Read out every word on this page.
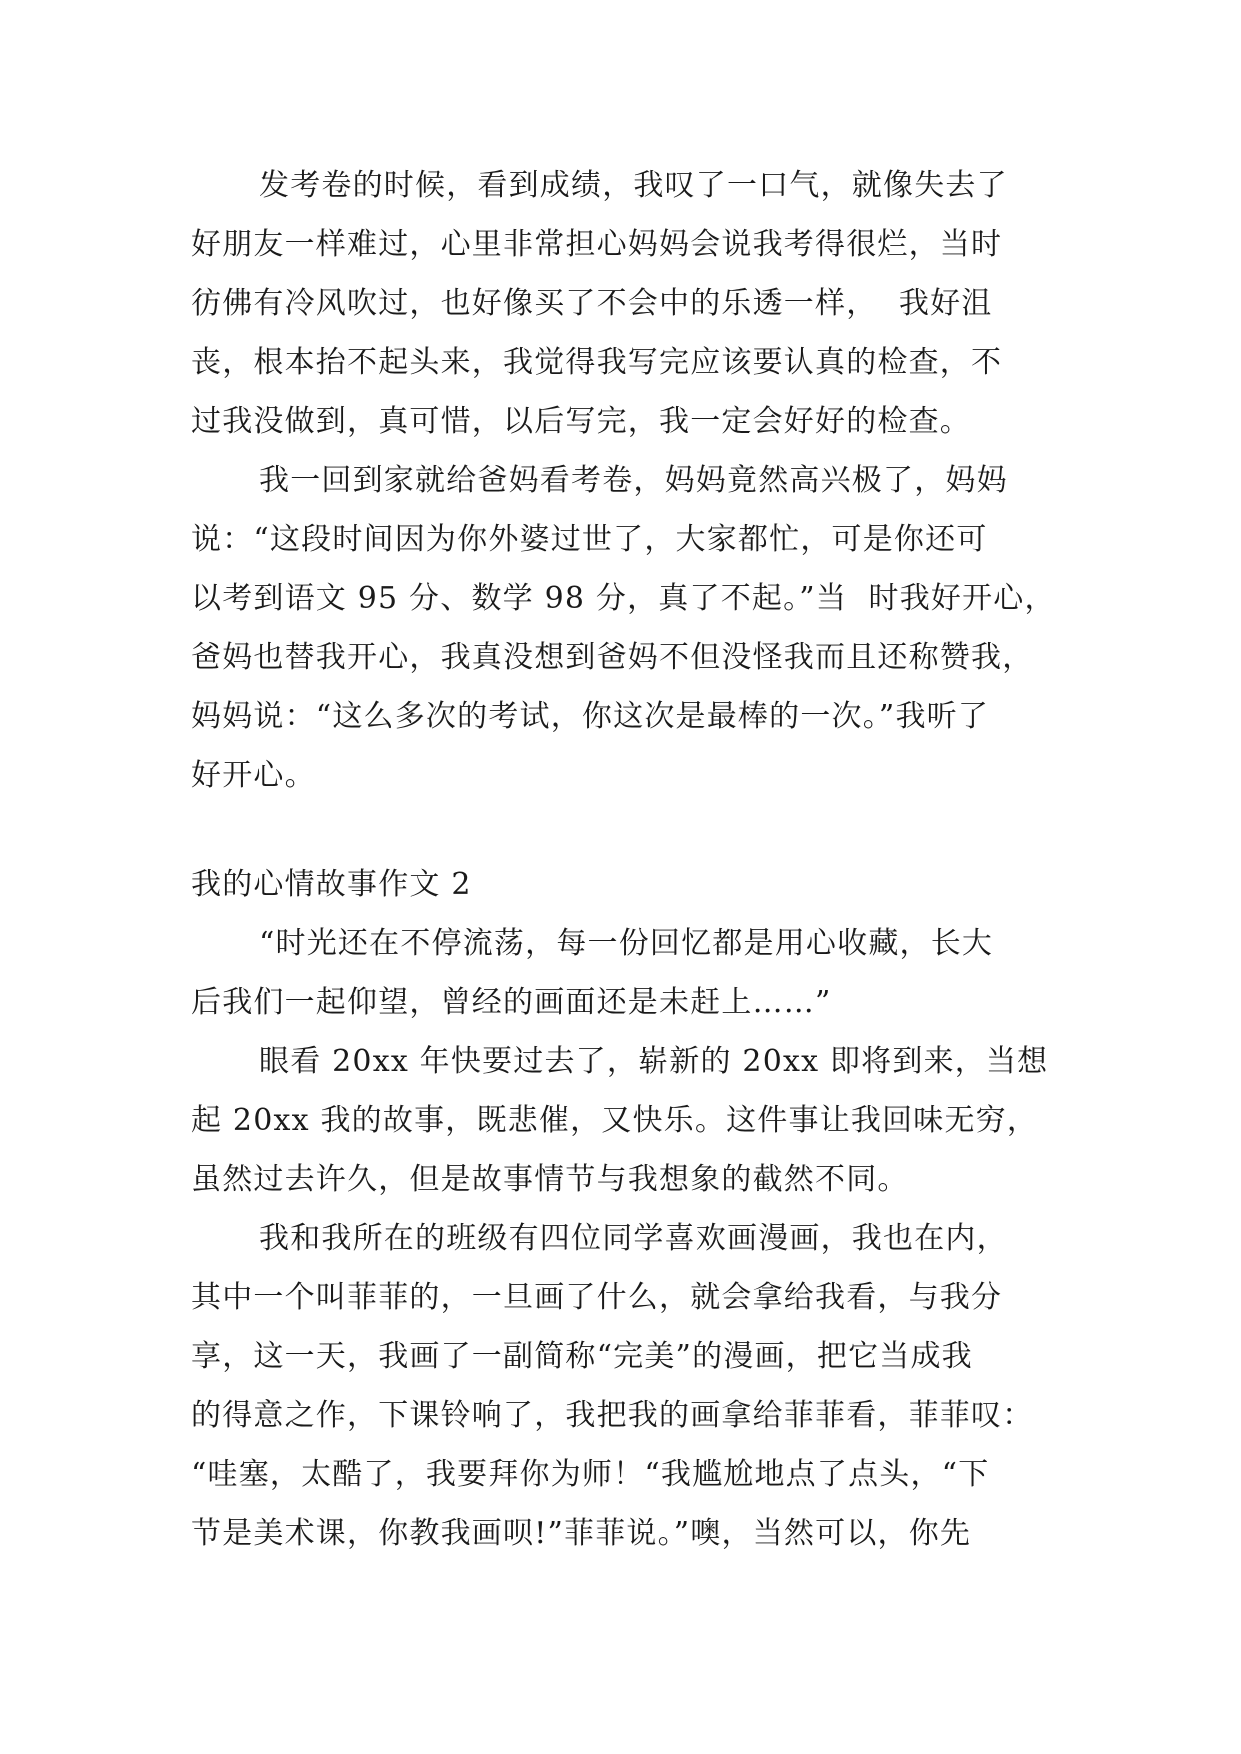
发考卷的时候，看到成绩，我叹了一口气，就像失去了
好朋友一样难过，心里非常担心妈妈会说我考得很烂，当时
彷佛有冷风吹过，也好像买了不会中的乐透一样，  我好沮
丧，根本抬不起头来，我觉得我写完应该要认真的检查，不
过我没做到，真可惜，以后写完，我一定会好好的检查。
我一回到家就给爸妈看考卷，妈妈竟然高兴极了，妈妈
说：“这段时间因为你外婆过世了，大家都忙，可是你还可
以考到语文 95 分、数学 98 分，真了不起。”当  时我好开心，
爸妈也替我开心，我真没想到爸妈不但没怪我而且还称赞我，
妈妈说：“这么多次的考试，你这次是最棒的一次。”我听了
好开心。
我的心情故事作文 2
“时光还在不停流荡，每一份回忆都是用心收藏，长大
后我们一起仰望，曾经的画面还是未赶上……”
眼看 20xx 年快要过去了，崭新的 20xx 即将到来，当想
起 20xx 我的故事，既悲催，又快乐。这件事让我回味无穷，
虽然过去许久，但是故事情节与我想象的截然不同。
我和我所在的班级有四位同学喜欢画漫画，我也在内，
其中一个叫菲菲的，一旦画了什么，就会拿给我看，与我分
享，这一天，我画了一副简称“完美”的漫画，把它当成我
的得意之作，下课铃响了，我把我的画拿给菲菲看，菲菲叹：
“哇塞，太酷了，我要拜你为师！“我尴尬地点了点头，“下
节是美术课，你教我画呗!”菲菲说。”噢，当然可以，你先
